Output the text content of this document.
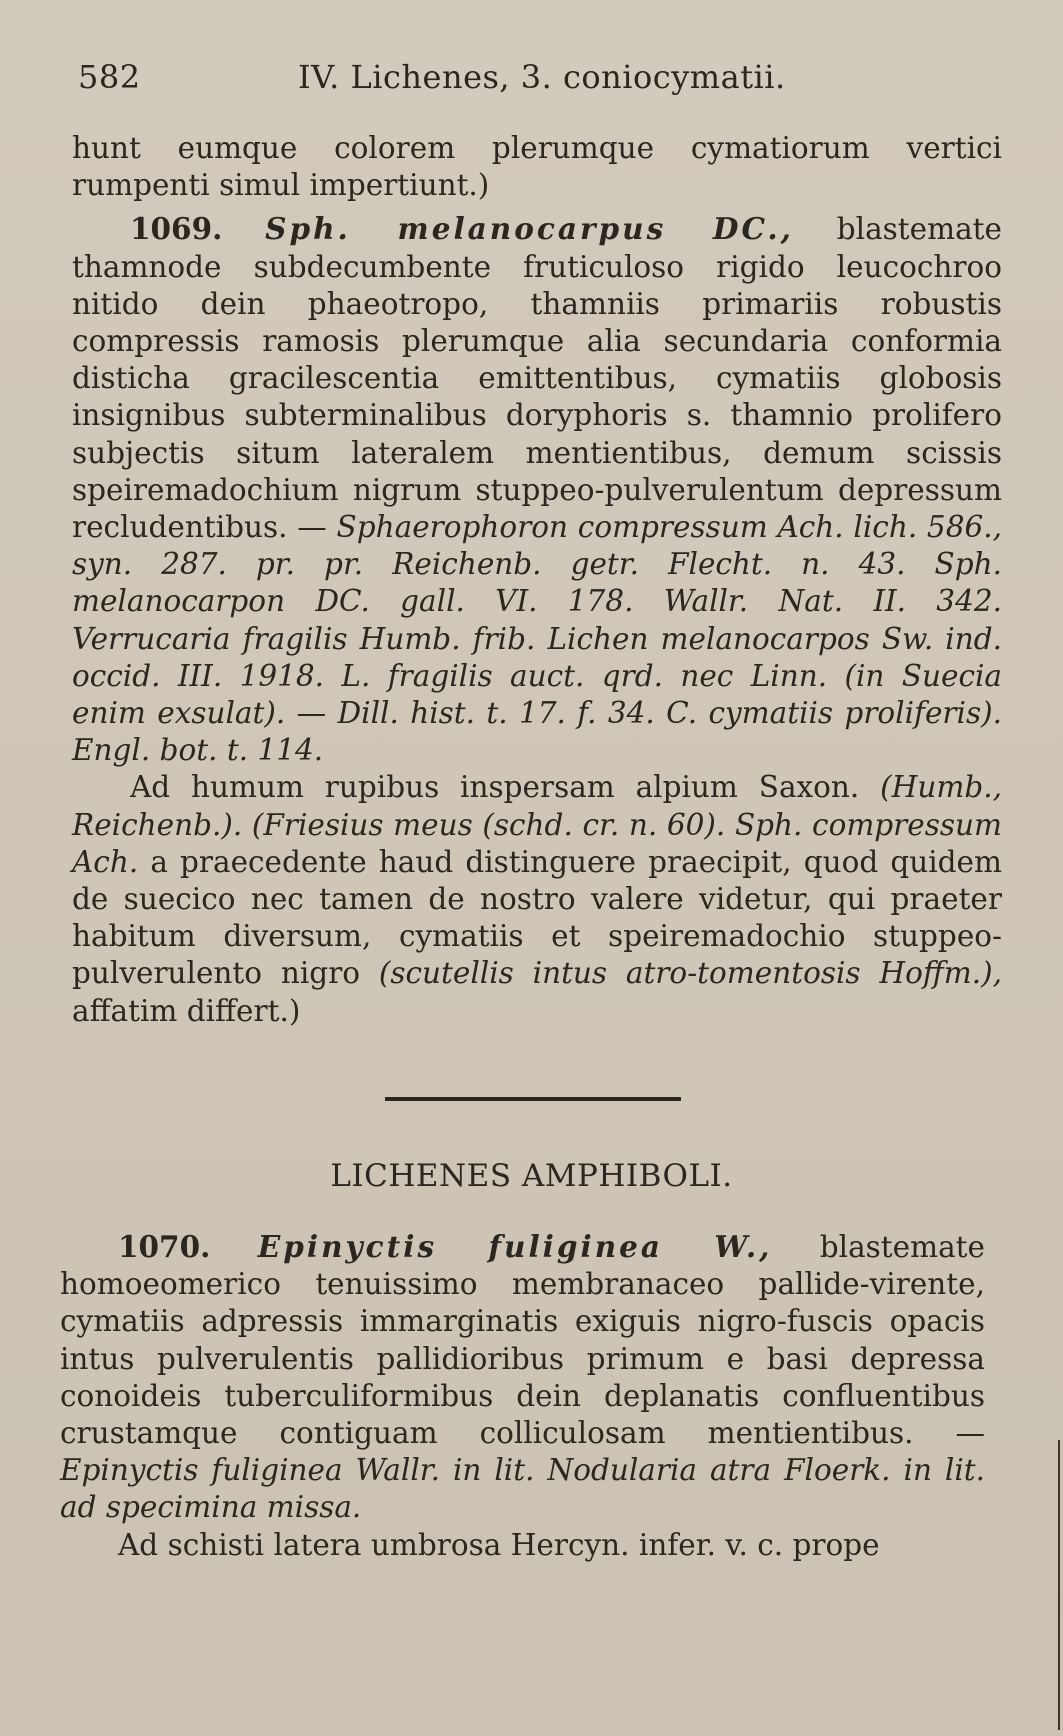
582	IV. Lichenes, 3. coniocymatii.

hunt eumque colorem plerumque cymatiorum vertici rumpenti simul impertiunt.)

1069. Sph. melanocarpus DC., blastemate thamnode subdecumbente fruticuloso rigido leucochroo nitido dein phaeotropo, thamniis primariis robustis compressis ramosis plerumque alia secundaria conformia disticha gracilescentia emittentibus, cymatiis globosis insignibus subterminalibus doryphoris s. thamnio prolifero subjectis situm lateralem mentientibus, demum scissis speiremadochium nigrum stuppeo-pulverulentum depressum recludentibus. — Sphaerophoron compressum Ach. lich. 586., syn. 287. pr. pr. Reichenb. getr. Flecht. n. 43. Sph. melanocarpon DC. gall. VI. 178. Wallr. Nat. II. 342. Verrucaria fragilis Humb. frib. Lichen melanocarpos Sw. ind. occid. III. 1918. L. fragilis auct. qrd. nec Linn. (in Suecia enim exsulat). — Dill. hist. t. 17. f. 34. C. cymatiis proliferis). Engl. bot. t. 114.

Ad humum rupibus inspersam alpium Saxon. (Humb., Reichenb.). (Friesius meus (schd. cr. n. 60). Sph. compressum Ach. a praecedente haud distinguere praecipit, quod quidem de suecico nec tamen de nostro valere videtur, qui praeter habitum diversum, cymatiis et speiremadochio stuppeo-pulverulento nigro (scutellis intus atro-tomentosis Hoffm.), affatim differt.)

LICHENES AMPHIBOLI.

1070. Epinyctis fuliginea W., blastemate homoeomerico tenuissimo membranaceo pallide-virente, cymatiis adpressis immarginatis exiguis nigro-fuscis opacis intus pulverulentis pallidioribus primum e basi depressa conoideis tuberculiformibus dein deplanatis confluentibus crustamque contiguam colliculosam mentientibus. — Epinyctis fuliginea Wallr. in lit. Nodularia atra Floerk. in lit. ad specimina missa.

Ad schisti latera umbrosa Hercyn. infer. v. c. prope
